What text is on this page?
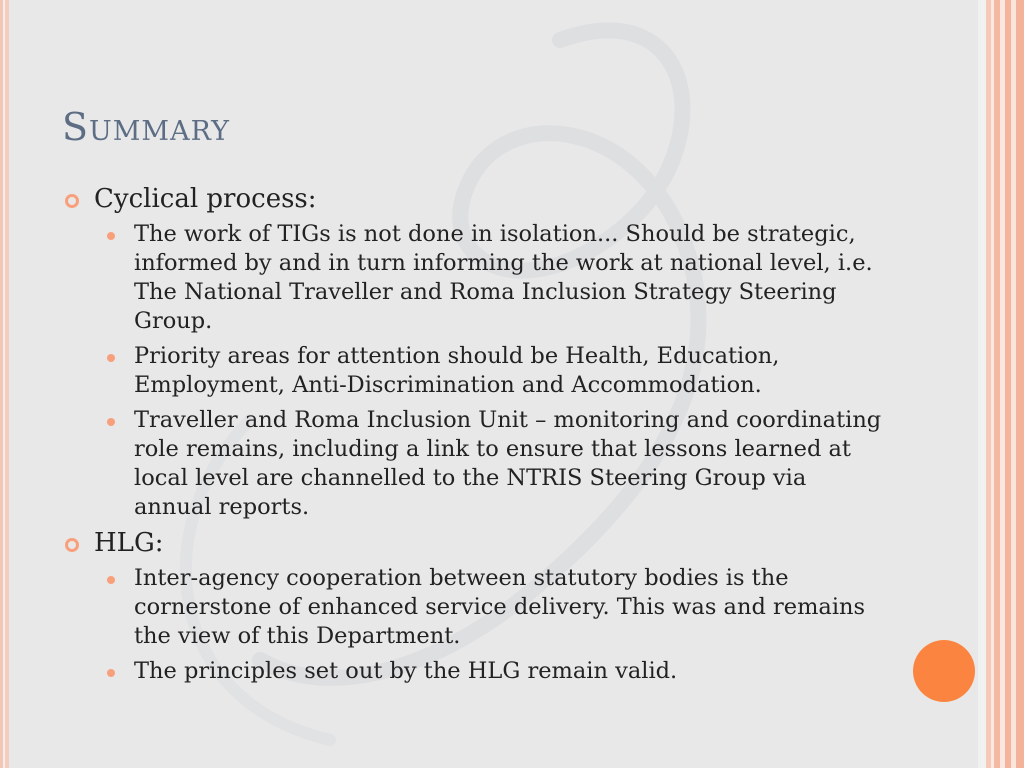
Summary
Cyclical process:
The work of TIGs is not done in isolation... Should be strategic, informed by and in turn informing the work at national level, i.e. The National Traveller and Roma Inclusion Strategy Steering Group.
Priority areas for attention should be Health, Education, Employment, Anti-Discrimination and Accommodation.
Traveller and Roma Inclusion Unit – monitoring and coordinating role remains, including a link to ensure that lessons learned at local level are channelled to the NTRIS Steering Group via annual reports.
HLG:
Inter-agency cooperation between statutory bodies is the cornerstone of enhanced service delivery. This was and remains the view of this Department.
The principles set out by the HLG remain valid.
